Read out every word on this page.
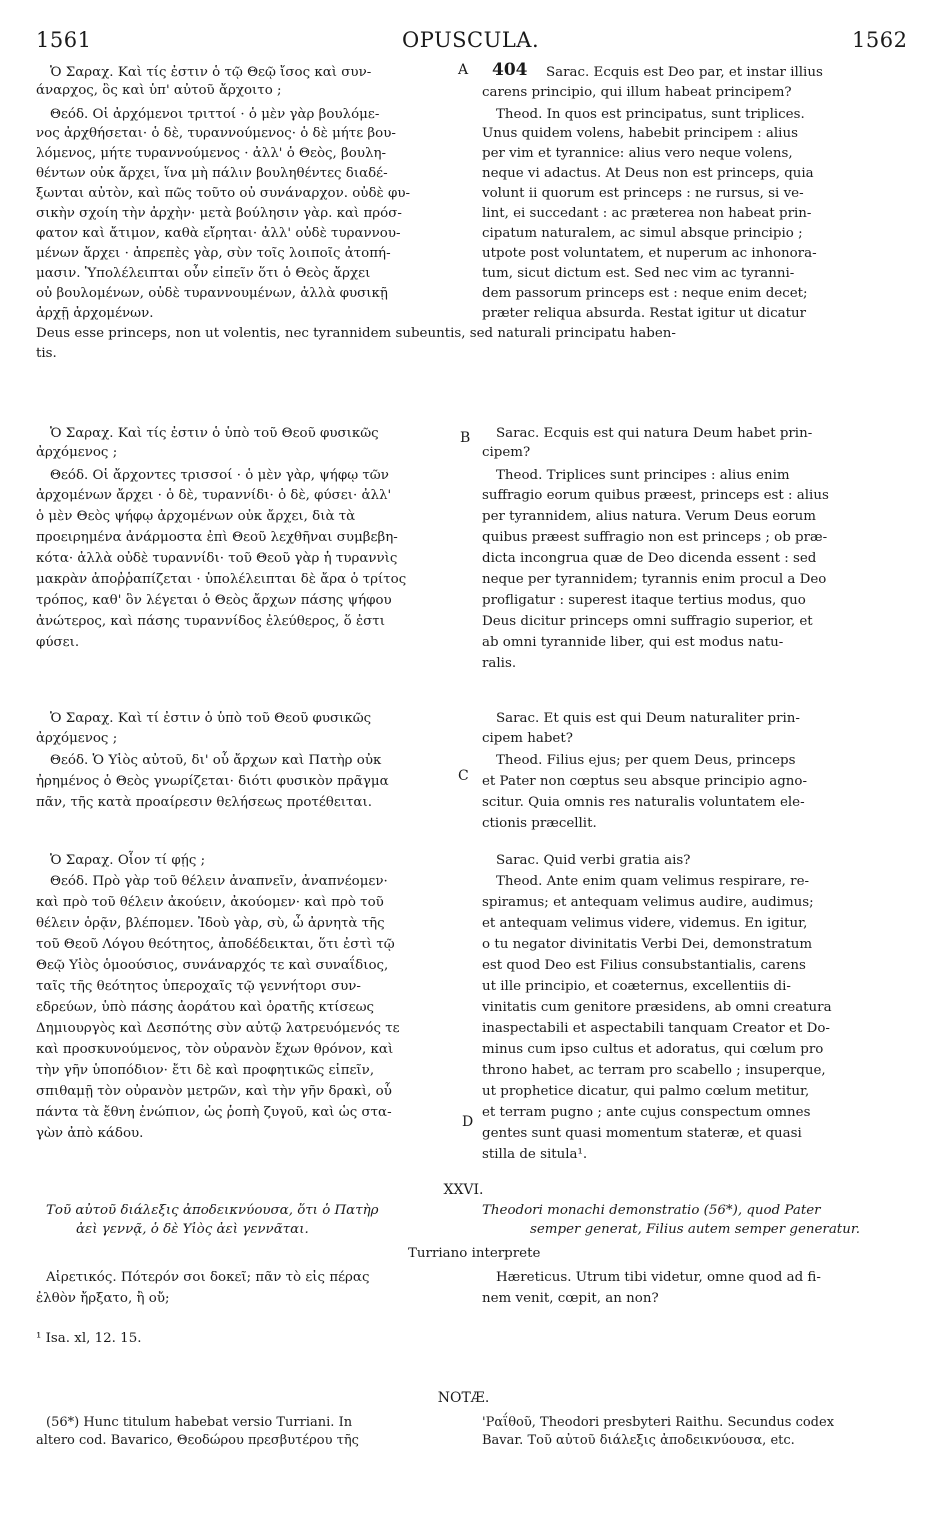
1561	OPUSCULA.	1562
A 404
B
C
D
Ὁ Σαραχ. Καὶ τίς ἐστιν ὁ τῷ Θεῷ ἴσος καὶ συν-
άναρχος, ὃς καὶ ὑπ' αὐτοῦ ἄρχοιτο ;
Θεόδ. Οἱ ἀρχόμενοι τριττοί · ὁ μὲν γὰρ βουλόμε-
νος ἀρχθήσεται· ὁ δὲ, τυραννούμενος· ὁ δὲ μήτε βου-
λόμενος, μήτε τυραννούμενος · ἀλλ' ὁ Θεὸς, βουλη-
θέντων οὐκ ἄρχει, ἵνα μὴ πάλιν βουληθέντες διαδέ-
ξωνται αὐτὸν, καὶ πῶς τοῦτο οὐ συνάναρχον. οὐδὲ φυ-
σικὴν σχοίη τὴν ἀρχὴν· μετὰ βούλησιν γὰρ. καὶ πρόσ-
φατον καὶ ἄτιμον, καθὰ εἴρηται· ἀλλ' οὐδὲ τυραννου-
μένων ἄρχει · ἀπρεπὲς γὰρ, σὺν τοῖς λοιποῖς ἀτοπή-
μασιν. Ὑπολέλειπται οὖν εἰπεῖν ὅτι ὁ Θεὸς ἄρχει
οὐ βουλομένων, οὐδὲ τυραννουμένων, ἀλλὰ φυσικῇ
ἀρχῇ ἀρχομένων.
Sarac. Ecquis est Deo par, et instar illius
carens principio, qui illum habeat principem?
Theod. In quos est principatus, sunt triplices.
Unus quidem volens, habebit principem : alius
per vim et tyrannice: alius vero neque volens,
neque vi adactus. At Deus non est princeps, quia
volunt ii quorum est princeps : ne rursus, si ve-
lint, ei succedant : ac præterea non habeat prin-
cipatum naturalem, ac simul absque principio ;
utpote post voluntatem, et nuperum ac inhonora-
tum, sicut dictum est. Sed nec vim ac tyranni-
dem passorum princeps est : neque enim decet;
præter reliqua absurda. Restat igitur ut dicatur
Deus esse princeps, non ut volentis, nec tyrannidem subeuntis, sed naturali principatu haben-
tis.
Ὁ Σαραχ. Καὶ τίς ἐστιν ὁ ὑπὸ τοῦ Θεοῦ φυσικῶς
ἀρχόμενος ;
Θεόδ. Οἱ ἄρχοντες τρισσοί · ὁ μὲν γὰρ, ψήφῳ τῶν
ἀρχομένων ἄρχει · ὁ δὲ, τυραννίδι· ὁ δὲ, φύσει· ἀλλ'
ὁ μὲν Θεὸς ψήφῳ ἀρχομένων οὐκ ἄρχει, διὰ τὰ
προειρημένα ἀνάρμοστα ἐπὶ Θεοῦ λεχθῆναι συμβεβη-
κότα· ἀλλὰ οὐδὲ τυραννίδι· τοῦ Θεοῦ γὰρ ἡ τυραννὶς
μακρὰν ἀποῤῥαπίζεται · ὑπολέλειπται δὲ ἄρα ὁ τρίτος
τρόπος, καθ' ὃν λέγεται ὁ Θεὸς ἄρχων πάσης ψήφου
ἀνώτερος, καὶ πάσης τυραννίδος ἐλεύθερος, ὅ ἐστι
φύσει.
Sarac. Ecquis est qui natura Deum habet prin-
cipem?
Theod. Triplices sunt principes : alius enim
suffragio eorum quibus præest, princeps est : alius
per tyrannidem, alius natura. Verum Deus eorum
quibus præest suffragio non est princeps ; ob præ-
dicta incongrua quæ de Deo dicenda essent : sed
neque per tyrannidem; tyrannis enim procul a Deo
profligatur : superest itaque tertius modus, quo
Deus dicitur princeps omni suffragio superior, et
ab omni tyrannide liber, qui est modus natu-
ralis.
Ὁ Σαραχ. Καὶ τί ἐστιν ὁ ὑπὸ τοῦ Θεοῦ φυσικῶς
ἀρχόμενος ;
Θεόδ. Ὁ Υἱὸς αὐτοῦ, δι' οὗ ἄρχων καὶ Πατὴρ οὐκ
ἠρημένος ὁ Θεὸς γνωρίζεται· διότι φυσικὸν πρᾶγμα
πᾶν, τῆς κατὰ προαίρεσιν θελήσεως προτέθειται.
Sarac. Et quis est qui Deum naturaliter prin-
cipem habet?
Theod. Filius ejus; per quem Deus, princeps
et Pater non cœptus seu absque principio agno-
scitur. Quia omnis res naturalis voluntatem ele-
ctionis præcellit.
Ὁ Σαραχ. Οἷον τί φῄς ;
Θεόδ. Πρὸ γὰρ τοῦ θέλειν ἀναπνεῖν, ἀναπνέομεν·
καὶ πρὸ τοῦ θέλειν ἀκούειν, ἀκούομεν· καὶ πρὸ τοῦ
θέλειν ὁρᾷν, βλέπομεν. Ἰδοὺ γὰρ, σὺ, ὦ ἀρνητὰ τῆς
τοῦ Θεοῦ Λόγου θεότητος, ἀποδέδεικται, ὅτι ἐστὶ τῷ
Θεῷ Υἱὸς ὁμοούσιος, συνάναρχός τε καὶ συναΐδιος,
ταῖς τῆς θεότητος ὑπεροχαῖς τῷ γεννήτορι συν-
εδρεύων, ὑπὸ πάσης ἀοράτου καὶ ὁρατῆς κτίσεως
Δημιουργὸς καὶ Δεσπότης σὺν αὐτῷ λατρευόμενός τε
καὶ προσκυνούμενος, τὸν οὐρανὸν ἔχων θρόνον, καὶ
τὴν γῆν ὑποπόδιον· ἔτι δὲ καὶ προφητικῶς εἰπεῖν,
σπιθαμῇ τὸν οὐρανὸν μετρῶν, καὶ τὴν γῆν δρακὶ, οὗ
πάντα τὰ ἔθνη ἐνώπιον, ὡς ῥοπὴ ζυγοῦ, καὶ ὡς στα-
γὼν ἀπὸ κάδου.
Sarac. Quid verbi gratia ais?
Theod. Ante enim quam velimus respirare, re-
spiramus; et antequam velimus audire, audimus;
et antequam velimus videre, videmus. En igitur,
o tu negator divinitatis Verbi Dei, demonstratum
est quod Deo est Filius consubstantialis, carens
ut ille principio, et coæternus, excellentiis di-
vinitatis cum genitore præsidens, ab omni creatura
inaspectabili et aspectabili tanquam Creator et Do-
minus cum ipso cultus et adoratus, qui cœlum pro
throno habet, ac terram pro scabello ; insuperque,
ut prophetice dicatur, qui palmo cœlum metitur,
et terram pugno ; ante cujus conspectum omnes
gentes sunt quasi momentum stateræ, et quasi
stilla de situla¹.
XXVI.
Τοῦ αὐτοῦ διάλεξις ἀποδεικνύουσα, ὅτι ὁ Πατὴρ
ἀεὶ γεννᾷ, ὁ δὲ Υἱὸς ἀεὶ γεννᾶται.
Theodori monachi demonstratio (56*), quod Pater
semper generat, Filius autem semper generatur.
Turriano interprete
Αἱρετικός. Πότερόν σοι δοκεῖ; πᾶν τὸ εἰς πέρας
ἐλθὸν ἤρξατο, ἢ οὔ;
Hæreticus. Utrum tibi videtur, omne quod ad fi-
nem venit, cœpit, an non?
¹ Isa. xl, 12. 15.
NOTÆ.
(56*) Hunc titulum habebat versio Turriani. In
altero cod. Bavarico, Θεοδώρου πρεσβυτέρου τῆς
'Ραΐθοῦ, Theodori presbyteri Raithu. Secundus codex
Bavar. Τοῦ αὐτοῦ διάλεξις ἀποδεικνύουσα, etc.
